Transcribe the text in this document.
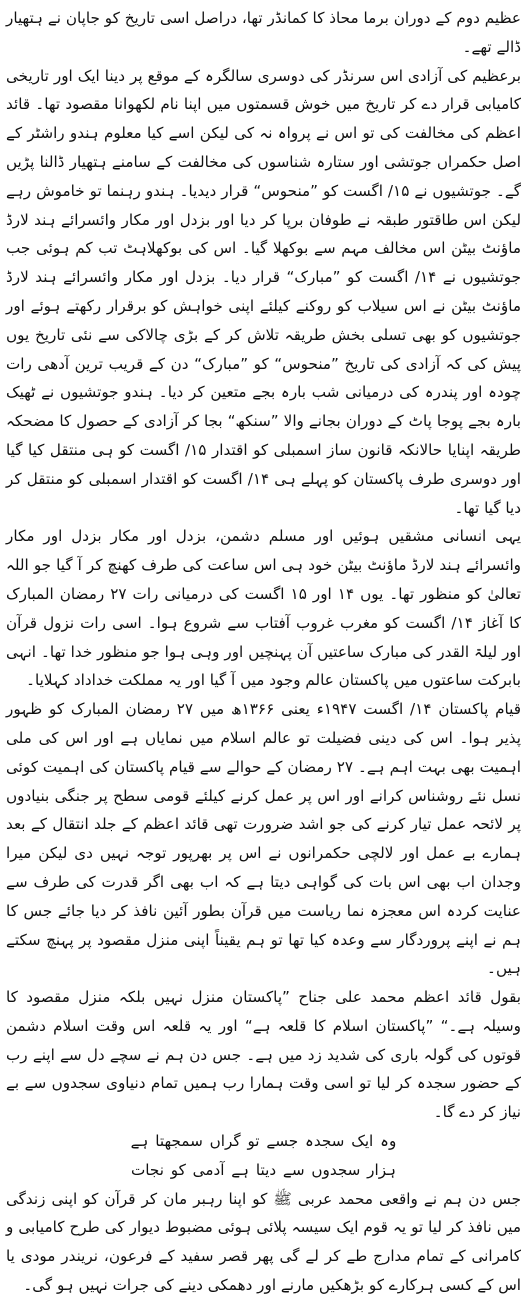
عظیم دوم کے دوران برما محاذ کا کمانڈر تھا، دراصل اسی تاریخ کو جاپان نے ہتھیار ڈالے تھے۔

برعظیم کی آزادی اس سرنڈر کی دوسری سالگرہ کے موقع پر دینا ایک اور تاریخی کامیابی قرار دے کر تاریخ میں خوش قسمتوں میں اپنا نام لکھوانا مقصود تھا۔ قائد اعظم کی مخالفت کی تو اس نے پرواہ نہ کی لیکن اسے کیا معلوم ہندو راشٹر کے اصل حکمراں جوتشی اور ستارہ شناسوں کی مخالفت کے سامنے ہتھیار ڈالنا پڑیں گے۔ جوتشیوں نے ۱۵/ اگست کو ”منحوس“ قرار دیدیا۔ ہندو رہنما تو خاموش رہے لیکن اس طاقتور طبقہ نے طوفان برپا کر دیا اور بزدل اور مکار وائسرائے ہند لارڈ ماؤنٹ بیٹن اس مخالف مہم سے بوکھلا گیا۔ اس کی بوکھلاہٹ تب کم ہوئی جب جوتشیوں نے ۱۴/ اگست کو ”مبارک“ قرار دیا۔ بزدل اور مکار وائسرائے ہند لارڈ ماؤنٹ بیٹن نے اس سیلاب کو روکنے کیلئے اپنی خواہش کو برقرار رکھتے ہوئے اور جوتشیوں کو بھی تسلی بخش طریقہ تلاش کر کے بڑی چالاکی سے نئی تاریخ یوں پیش کی کہ آزادی کی تاریخ ”منحوس“ کو ”مبارک“ دن کے قریب ترین آدھی رات چودہ اور پندرہ کی درمیانی شب بارہ بجے متعین کر دیا۔ ہندو جوتشیوں نے ٹھیک بارہ بجے پوجا پاٹ کے دوران بجانے والا ”سنکھ“ بجا کر آزادی کے حصول کا مضحکہ طریقہ اپنایا حالانکہ قانون ساز اسمبلی کو اقتدار ۱۵/ اگست کو ہی منتقل کیا گیا اور دوسری طرف پاکستان کو پہلے ہی ۱۴/ اگست کو اقتدار اسمبلی کو منتقل کر دیا گیا تھا۔

یہی انسانی مشقیں ہوئیں اور مسلم دشمن، بزدل اور مکار بزدل اور مکار وائسرائے ہند لارڈ ماؤنٹ بیٹن خود ہی اس ساعت کی طرف کھنچ کر آ گیا جو اللہ تعالیٰ کو منظور تھا۔ یوں ۱۴ اور ۱۵ اگست کی درمیانی رات ۲۷ رمضان المبارک کا آغاز ۱۴/ اگست کو مغرب غروب آفتاب سے شروع ہوا۔ اسی رات نزول قرآن اور لیلۃ القدر کی مبارک ساعتیں آن پہنچیں اور وہی ہوا جو منظور خدا تھا۔ انہی بابرکت ساعتوں میں پاکستان عالم وجود میں آ گیا اور یہ مملکت خداداد کہلایا۔

قیام پاکستان ۱۴/ اگست ۱۹۴۷ء یعنی ۱۳۶۶ھ میں ۲۷ رمضان المبارک کو ظہور پذیر ہوا۔ اس کی دینی فضیلت تو عالم اسلام میں نمایاں ہے اور اس کی ملی اہمیت بھی بہت اہم ہے۔ ۲۷ رمضان کے حوالے سے قیام پاکستان کی اہمیت کوئی نسل نئے روشناس کرانے اور اس پر عمل کرنے کیلئے قومی سطح پر جنگی بنیادوں پر لائحہ عمل تیار کرنے کی جو اشد ضرورت تھی قائد اعظم کے جلد انتقال کے بعد ہمارے بے عمل اور لالچی حکمرانوں نے اس پر بھرپور توجہ نہیں دی لیکن میرا وجدان اب بھی اس بات کی گواہی دیتا ہے کہ اب بھی اگر قدرت کی طرف سے عنایت کردہ اس معجزہ نما ریاست میں قرآن بطور آئین نافذ کر دیا جائے جس کا ہم نے اپنے پروردگار سے وعدہ کیا تھا تو ہم یقیناً اپنی منزل مقصود پر پہنچ سکتے ہیں۔

بقول قائد اعظم محمد علی جناح ”پاکستان منزل نہیں بلکہ منزل مقصود کا وسیلہ ہے۔“ ”پاکستان اسلام کا قلعہ ہے“ اور یہ قلعہ اس وقت اسلام دشمن قوتوں کی گولہ باری کی شدید زد میں ہے۔ جس دن ہم نے سچے دل سے اپنے رب کے حضور سجدہ کر لیا تو اسی وقت ہمارا رب ہمیں تمام دنیاوی سجدوں سے بے نیاز کر دے گا۔

وہ ایک سجدہ جسے تو گراں سمجھتا ہے ہزار سجدوں سے دیتا ہے آدمی کو نجات

جس دن ہم نے واقعی محمد عربی ﷺ کو اپنا رہبر مان کر قرآن کو اپنی زندگی میں نافذ کر لیا تو یہ قوم ایک سیسہ پلائی ہوئی مضبوط دیوار کی طرح کامیابی و کامرانی کے تمام مدارج طے کر لے گی پھر قصر سفید کے فرعون، نریندر مودی یا اس کے کسی ہرکارے کو بڑھکیں مارنے اور دھمکی دینے کی جرات نہیں ہو گی۔
